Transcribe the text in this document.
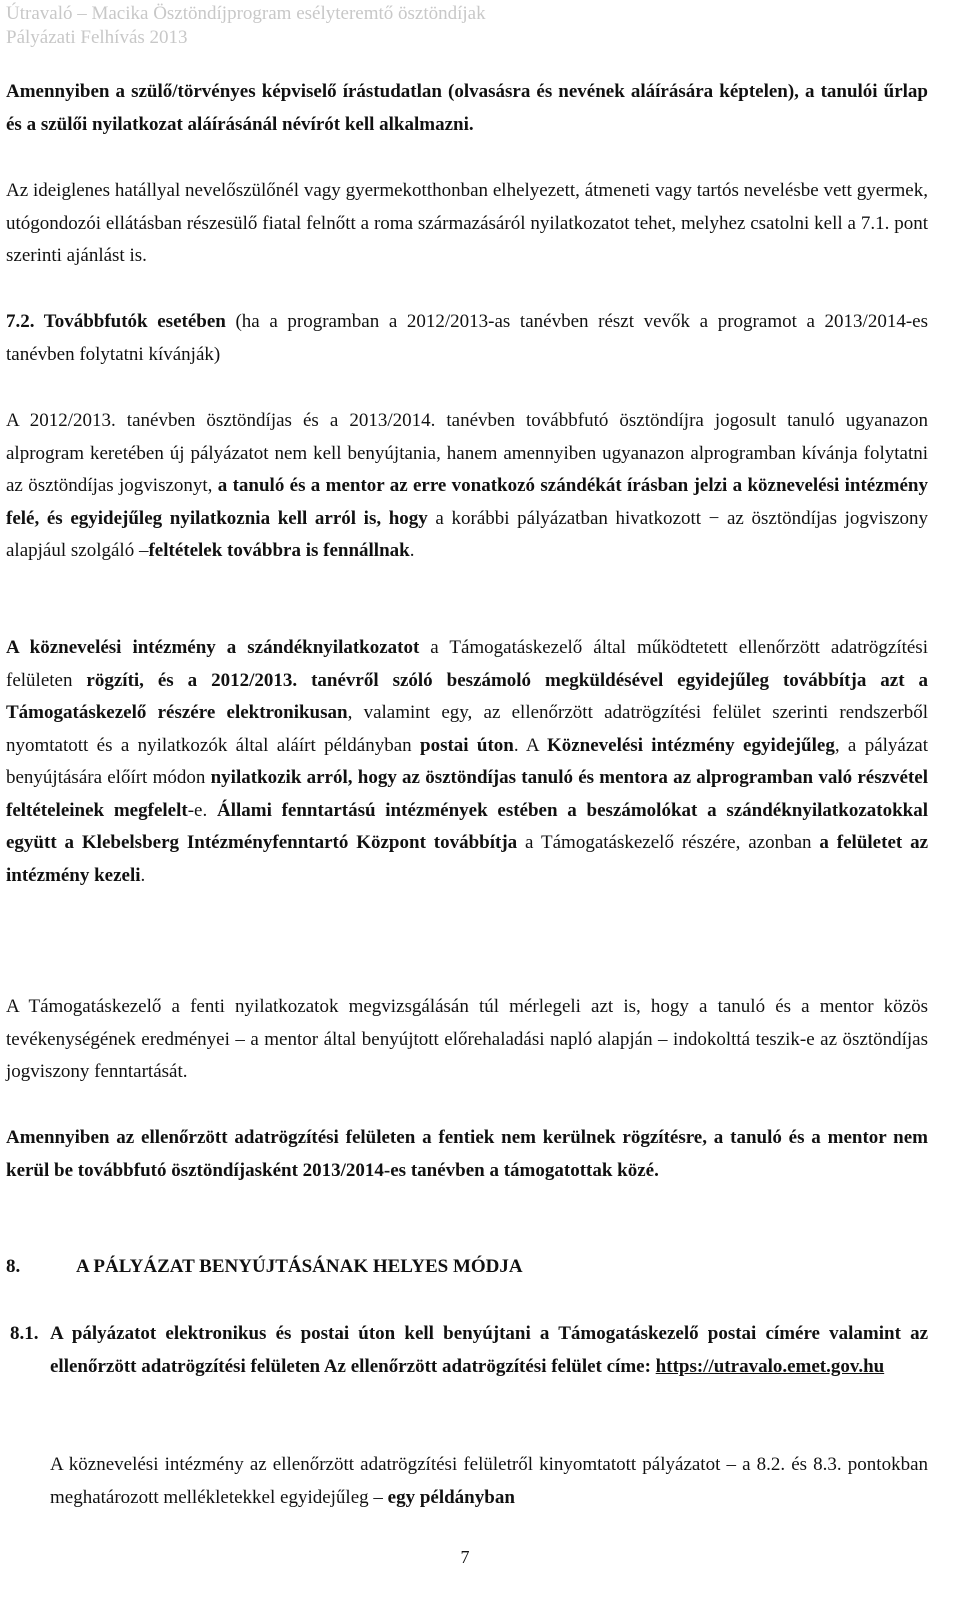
Útravaló – Macika Ösztöndíjprogram esélyteremtő ösztöndíjak
Pályázati Felhívás 2013
Amennyiben a szülő/törvényes képviselő írástudatlan (olvasásra és nevének aláírására képtelen), a tanulói űrlap és a szülői nyilatkozat aláírásánál névírót kell alkalmazni.
Az ideiglenes hatállyal nevelőszülőnél vagy gyermekotthonban elhelyezett, átmeneti vagy tartós nevelésbe vett gyermek, utógondozói ellátásban részesülő fiatal felnőtt a roma származásáról nyilatkozatot tehet, melyhez csatolni kell a 7.1. pont szerinti ajánlást is.
7.2. Továbbfutók esetében (ha a programban a 2012/2013-as tanévben részt vevők a programot a 2013/2014-es tanévben folytatni kívánják)
A 2012/2013. tanévben ösztöndíjas és a 2013/2014. tanévben továbbfutó ösztöndíjra jogosult tanuló ugyanazon alprogram keretében új pályázatot nem kell benyújtania, hanem amennyiben ugyanazon alprogramban kívánja folytatni az ösztöndíjas jogviszonyt, a tanuló és a mentor az erre vonatkozó szándékát írásban jelzi a köznevelési intézmény felé, és egyidejűleg nyilatkoznia kell arról is, hogy a korábbi pályázatban hivatkozott − az ösztöndíjas jogviszony alapjául szolgáló –feltételek továbbra is fennállnak.
A köznevelési intézmény a szándéknyilatkozatot a Támogatáskezelő által működtetett ellenőrzött adatrögzítési felületen rögzíti, és a 2012/2013. tanévről szóló beszámoló megküldésével egyidejűleg továbbítja azt a Támogatáskezelő részére elektronikusan, valamint egy, az ellenőrzött adatrögzítési felület szerinti rendszerből nyomtatott és a nyilatkozók által aláírt példányban postai úton. A Köznevelési intézmény egyidejűleg, a pályázat benyújtására előírt módon nyilatkozik arról, hogy az ösztöndíjas tanuló és mentora az alprogramban való részvétel feltételeinek megfelelt-e. Állami fenntartású intézmények estében a beszámolókat a szándéknyilatkozatokkal együtt a Klebelsberg Intézményfenntartó Központ továbbítja a Támogatáskezelő részére, azonban a felületet az intézmény kezeli.
A Támogatáskezelő a fenti nyilatkozatok megvizsgálásán túl mérlegeli azt is, hogy a tanuló és a mentor közös tevékenységének eredményei – a mentor által benyújtott előrehaladási napló alapján – indokolttá teszik-e az ösztöndíjas jogviszony fenntartását.
Amennyiben az ellenőrzött adatrögzítési felületen a fentiek nem kerülnek rögzítésre, a tanuló és a mentor nem kerül be továbbfutó ösztöndíjasként 2013/2014-es tanévben a támogatottak közé.
8.	A PÁLYÁZAT BENYÚJTÁSÁNAK HELYES MÓDJA
8.1. A pályázatot elektronikus és postai úton kell benyújtani a Támogatáskezelő postai címére valamint az ellenőrzött adatrögzítési felületen Az ellenőrzött adatrögzítési felület címe: https://utravalo.emet.gov.hu
A köznevelési intézmény az ellenőrzött adatrögzítési felületről kinyomtatott pályázatot – a 8.2. és 8.3. pontokban meghatározott mellékletekkel egyidejűleg – egy példányban
7
